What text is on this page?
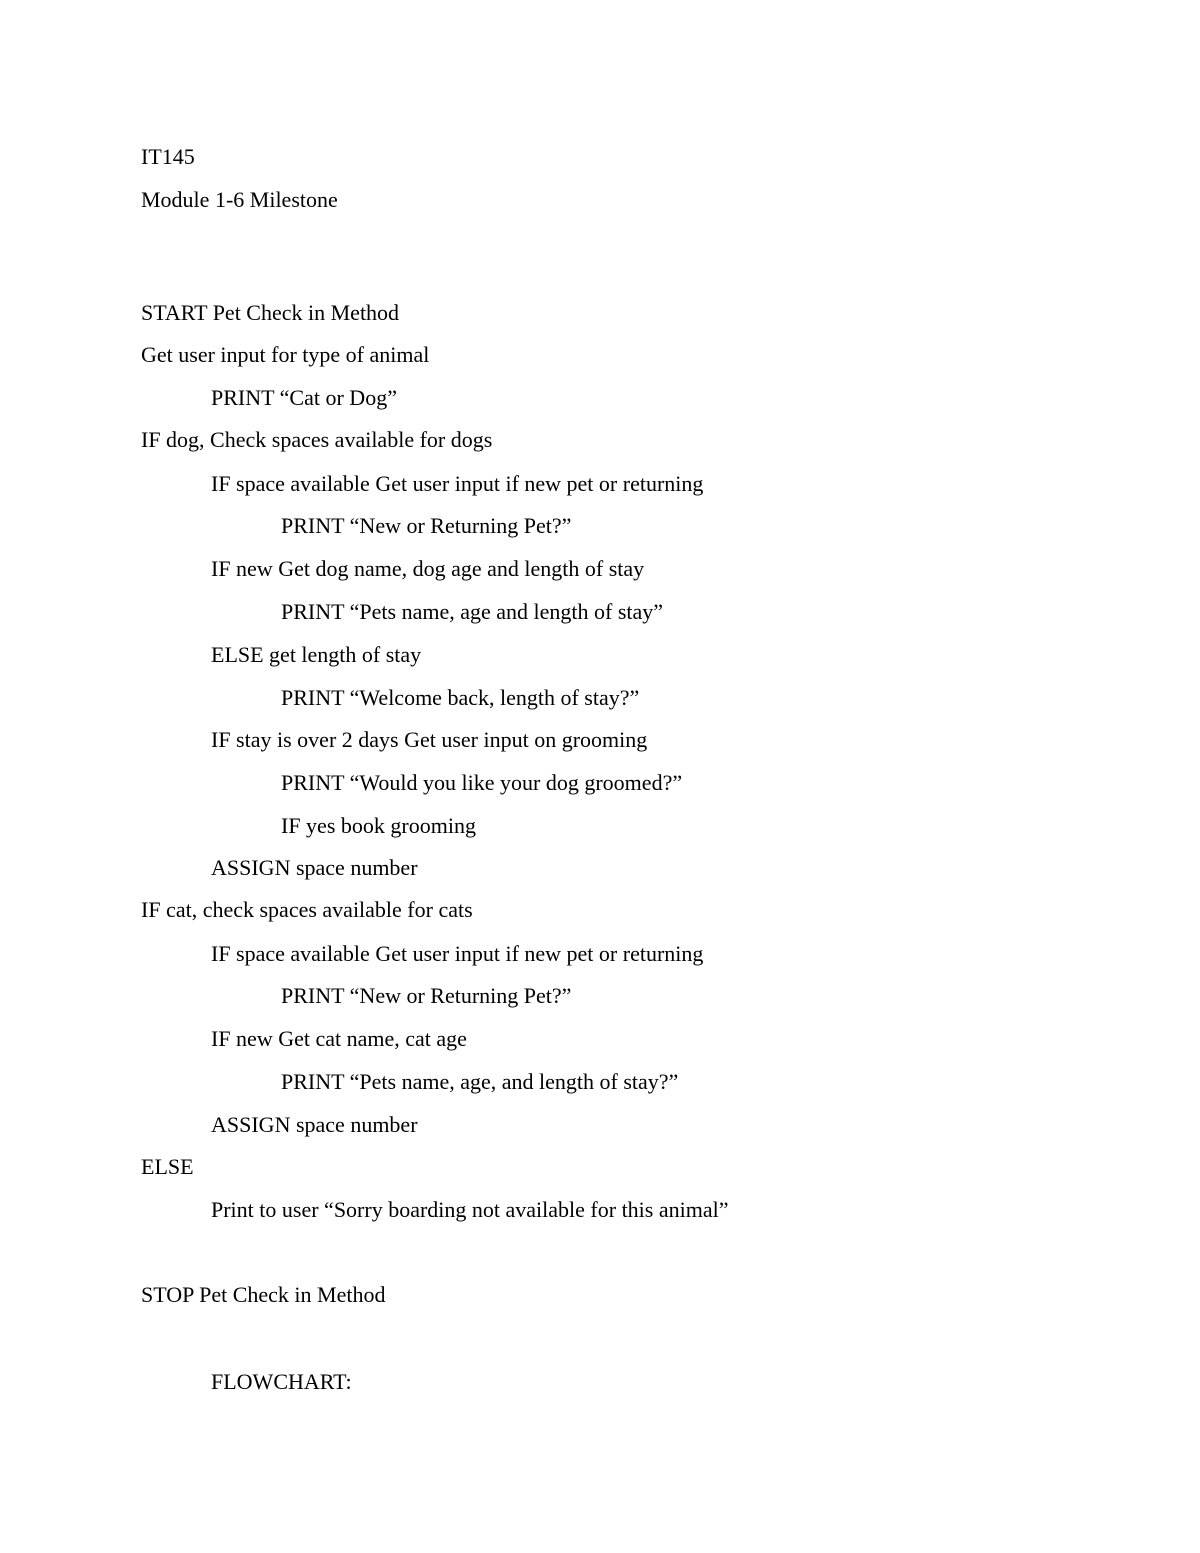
IT145
Module 1-6 Milestone
START Pet Check in Method
Get user input for type of animal
PRINT “Cat or Dog”
IF dog, Check spaces available for dogs
IF space available Get user input if new pet or returning
PRINT “New or Returning Pet?”
IF new Get dog name, dog age and length of stay
PRINT “Pets name, age and length of stay”
ELSE get length of stay
PRINT “Welcome back, length of stay?”
IF stay is over 2 days Get user input on grooming
PRINT “Would you like your dog groomed?”
IF yes book grooming
ASSIGN space number
IF cat, check spaces available for cats
IF space available Get user input if new pet or returning
PRINT “New or Returning Pet?”
IF new Get cat name, cat age
PRINT “Pets name, age, and length of stay?”
ASSIGN space number
ELSE
Print to user “Sorry boarding not available for this animal”
STOP Pet Check in Method
FLOWCHART:
